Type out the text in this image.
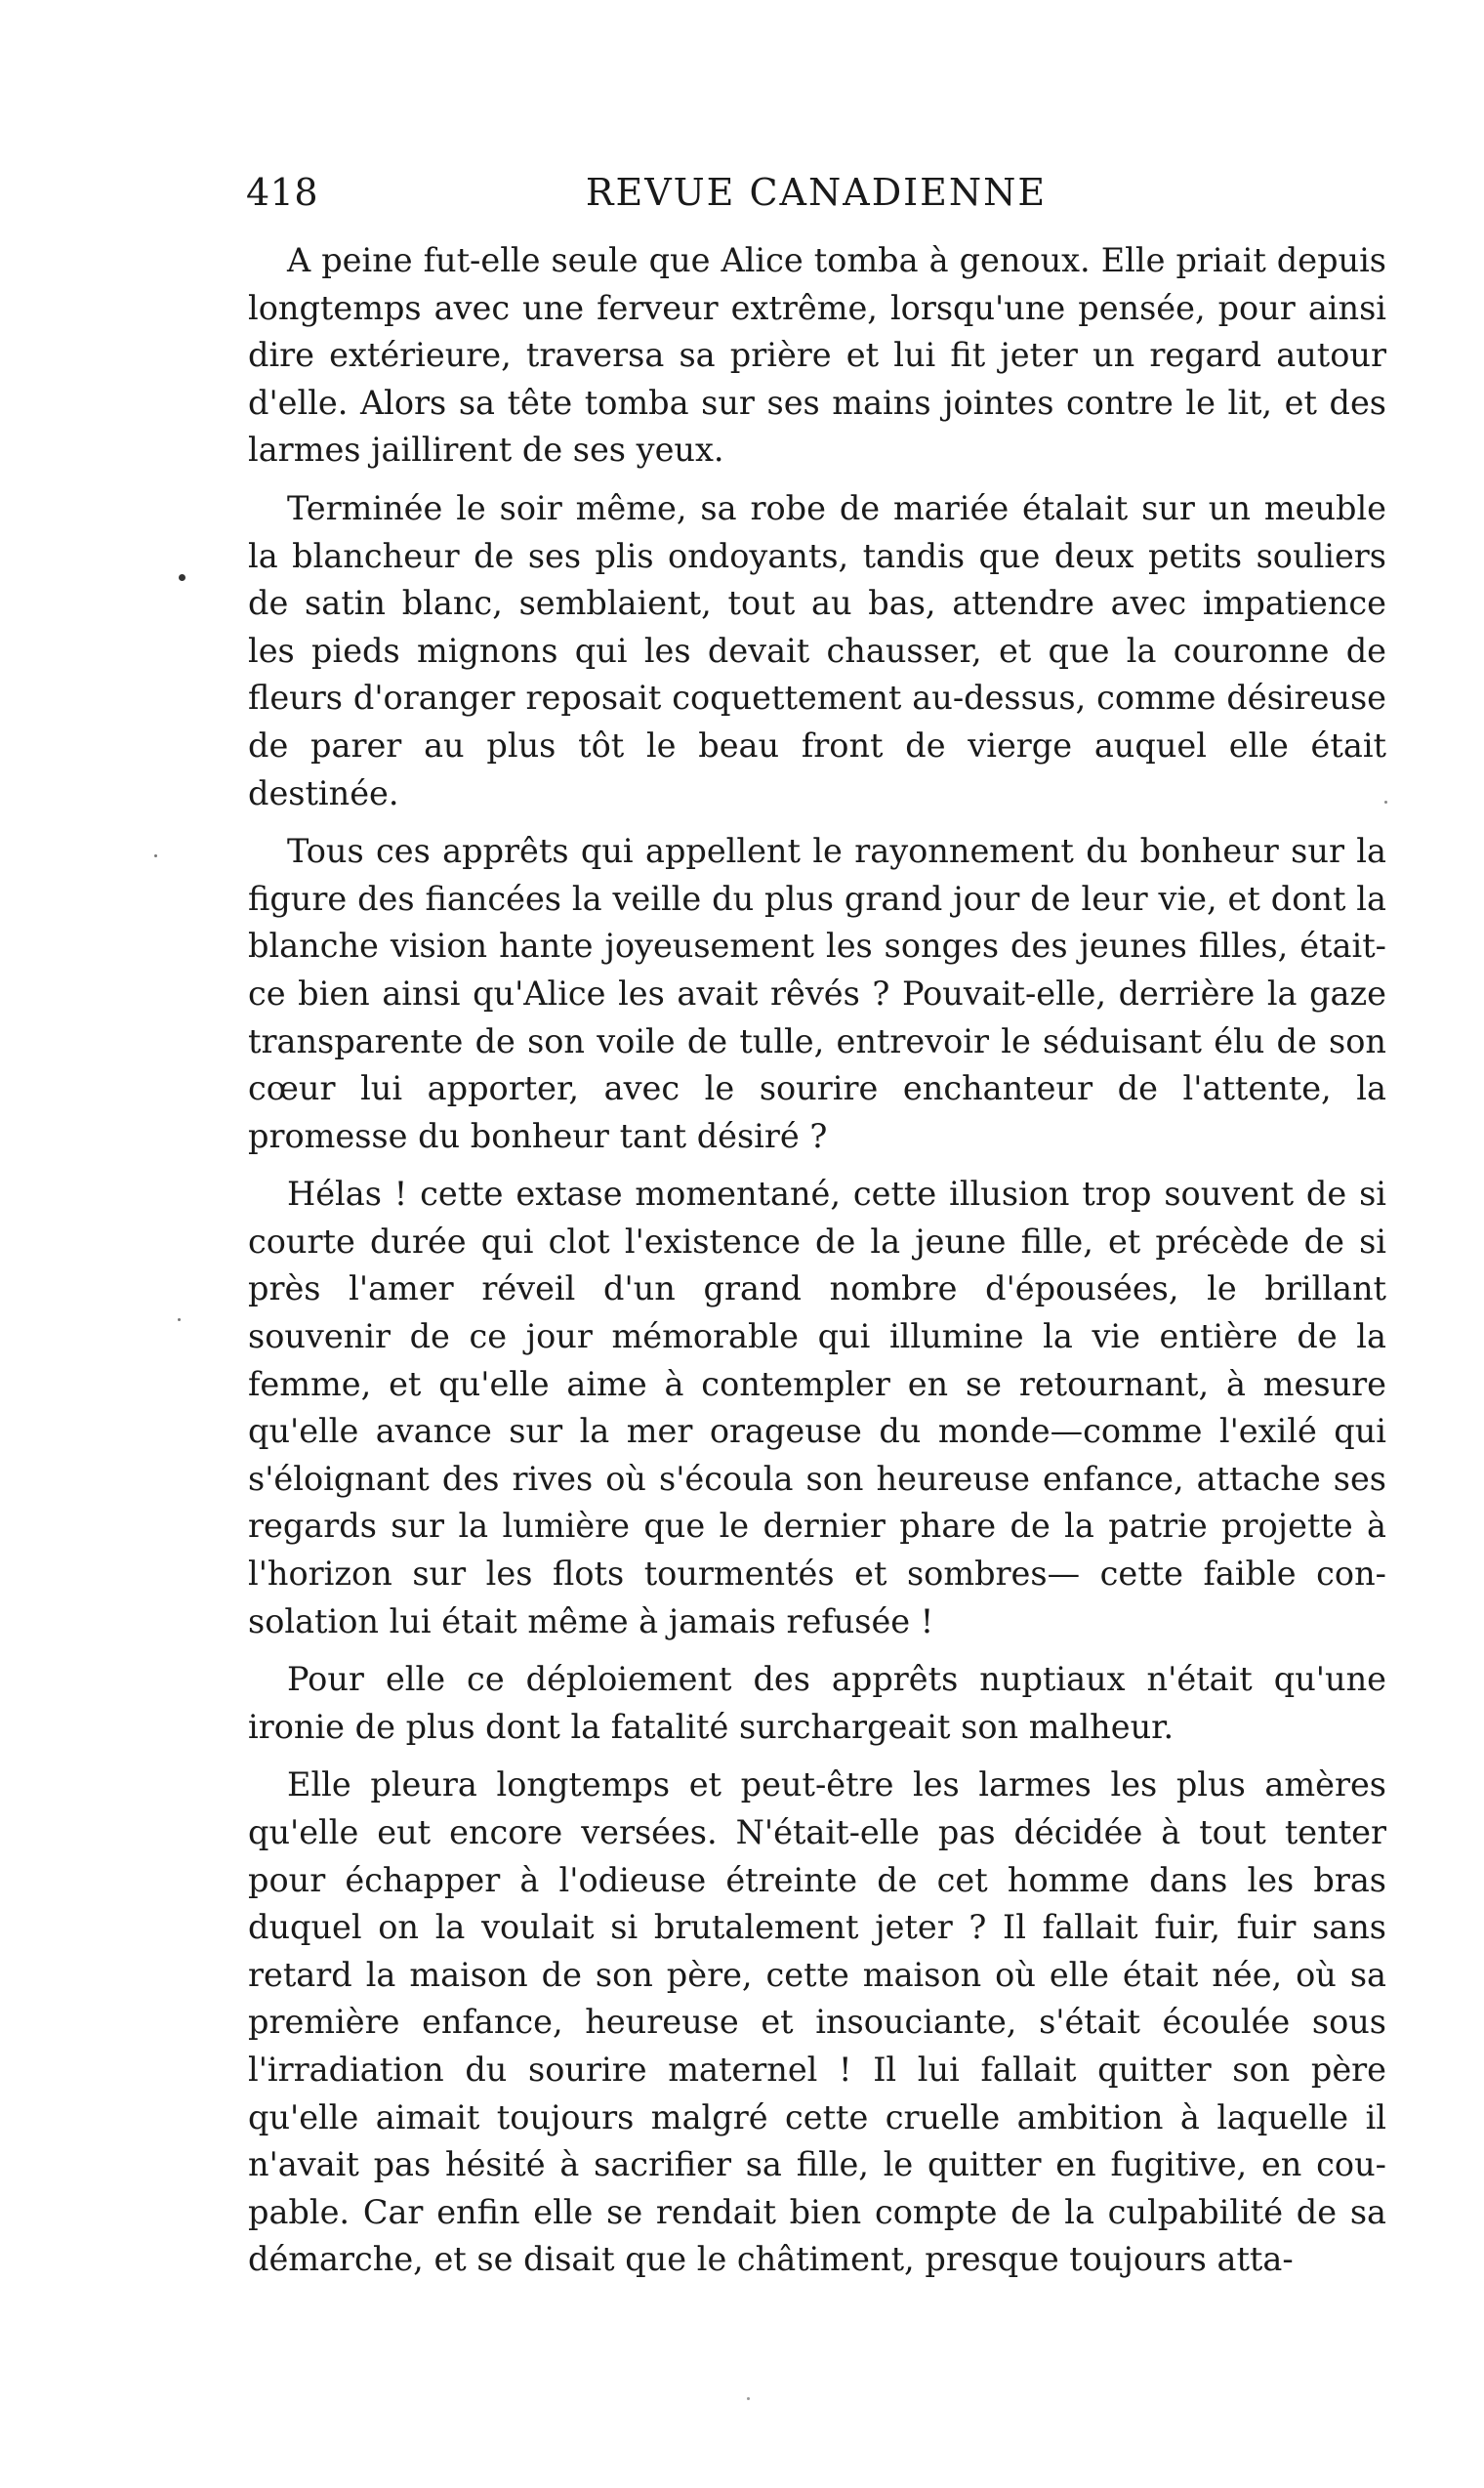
418	REVUE CANADIENNE

A peine fut-elle seule que Alice tomba à genoux. Elle priait depuis longtemps avec une ferveur extrême, lorsqu'une pensée, pour ainsi dire extérieure, traversa sa prière et lui fit jeter un regard autour d'elle. Alors sa tête tomba sur ses mains jointes contre le lit, et des larmes jaillirent de ses yeux.

Terminée le soir même, sa robe de mariée étalait sur un meuble la blancheur de ses plis ondoyants, tandis que deux petits souliers de satin blanc, semblaient, tout au bas, attendre avec impatience les pieds mignons qui les devait chausser, et que la couronne de fleurs d'oranger reposait coquettement au-dessus, comme désireuse de parer au plus tôt le beau front de vierge auquel elle était destinée.

Tous ces apprêts qui appellent le rayonnement du bonheur sur la figure des fiancées la veille du plus grand jour de leur vie, et dont la blanche vision hante joyeusement les songes des jeunes filles, était-ce bien ainsi qu'Alice les avait rêvés ? Pouvait-elle, derrière la gaze transparente de son voile de tulle, entrevoir le séduisant élu de son cœur lui apporter, avec le sourire enchanteur de l'attente, la promesse du bonheur tant désiré ?

Hélas ! cette extase momentané, cette illusion trop souvent de si courte durée qui clot l'existence de la jeune fille, et précède de si près l'amer réveil d'un grand nombre d'épousées, le brillant souvenir de ce jour mémorable qui illumine la vie entière de la femme, et qu'elle aime à contempler en se retournant, à mesure qu'elle avance sur la mer orageuse du monde—comme l'exilé qui s'éloignant des rives où s'écoula son heureuse enfance, attache ses regards sur la lumière que le dernier phare de la patrie projette à l'horizon sur les flots tourmentés et sombres— cette faible consolation lui était même à jamais refusée !

Pour elle ce déploiement des apprêts nuptiaux n'était qu'une ironie de plus dont la fatalité surchargeait son malheur.

Elle pleura longtemps et peut-être les larmes les plus amères qu'elle eut encore versées. N'était-elle pas décidée à tout tenter pour échapper à l'odieuse étreinte de cet homme dans les bras duquel on la voulait si brutalement jeter ? Il fallait fuir, fuir sans retard la maison de son père, cette maison où elle était née, où sa première enfance, heureuse et insouciante, s'était écoulée sous l'irradiation du sourire maternel ! Il lui fallait quitter son père qu'elle aimait toujours malgré cette cruelle ambition à laquelle il n'avait pas hésité à sacrifier sa fille, le quitter en fugitive, en coupable. Car enfin elle se rendait bien compte de la culpabilité de sa démarche, et se disait que le châtiment, presque toujours atta-
